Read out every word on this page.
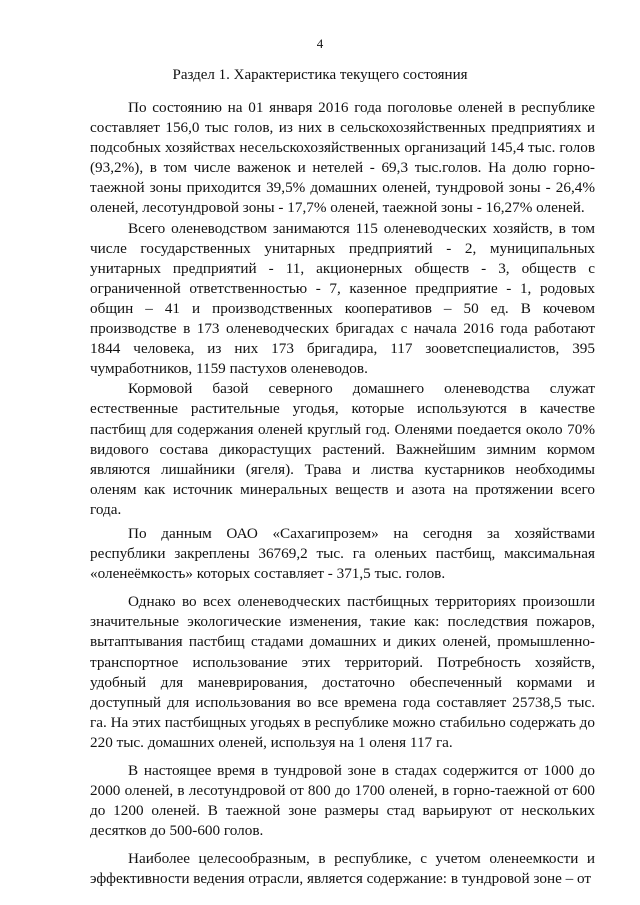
4
Раздел 1. Характеристика текущего состояния

По состоянию на 01 января 2016 года поголовье оленей в республике составляет 156,0 тыс голов, из них в сельскохозяйственных предприятиях и подсобных хозяйствах несельскохозяйственных организаций 145,4 тыс. голов (93,2%), в том числе важенок и нетелей - 69,3 тыс.голов. На долю горно-таежной зоны приходится 39,5% домашних оленей, тундровой зоны - 26,4% оленей, лесотундровой зоны - 17,7% оленей, таежной зоны - 16,27% оленей.

Всего оленеводством занимаются 115 оленеводческих хозяйств, в том числе государственных унитарных предприятий - 2, муниципальных унитарных предприятий - 11, акционерных обществ - 3, обществ с ограниченной ответственностью - 7, казенное предприятие - 1, родовых общин – 41 и производственных кооперативов – 50 ед. В кочевом производстве в 173 оленеводческих бригадах с начала 2016 года работают 1844 человека, из них 173 бригадира, 117 зооветспециалистов, 395 чумработников, 1159 пастухов оленеводов.

Кормовой базой северного домашнего оленеводства служат естественные растительные угодья, которые используются в качестве пастбищ для содержания оленей круглый год. Оленями поедается около 70% видового состава дикорастущих растений. Важнейшим зимним кормом являются лишайники (ягеля). Трава и листва кустарников необходимы оленям как источник минеральных веществ и азота на протяжении всего года.

По данным ОАО «Сахагипрозем» на сегодня за хозяйствами республики закреплены 36769,2 тыс. га оленьих пастбищ, максимальная «оленеёмкость» которых составляет - 371,5 тыс. голов.

Однако во всех оленеводческих пастбищных территориях произошли значительные экологические изменения, такие как: последствия пожаров, вытаптывания пастбищ стадами домашних и диких оленей, промышленно-транспортное использование этих территорий. Потребность хозяйств, удобный для маневрирования, достаточно обеспеченный кормами и доступный для использования во все времена года составляет 25738,5 тыс. га. На этих пастбищных угодьях в республике можно стабильно содержать до 220 тыс. домашних оленей, используя на 1 оленя 117 га.

В настоящее время в тундровой зоне в стадах содержится от 1000 до 2000 оленей, в лесотундровой от 800 до 1700 оленей, в горно-таежной от 600 до 1200 оленей. В таежной зоне размеры стад варьируют от нескольких десятков до 500-600 голов.

Наиболее целесообразным, в республике, с учетом оленеемкости и эффективности ведения отрасли, является содержание: в тундровой зоне – от
